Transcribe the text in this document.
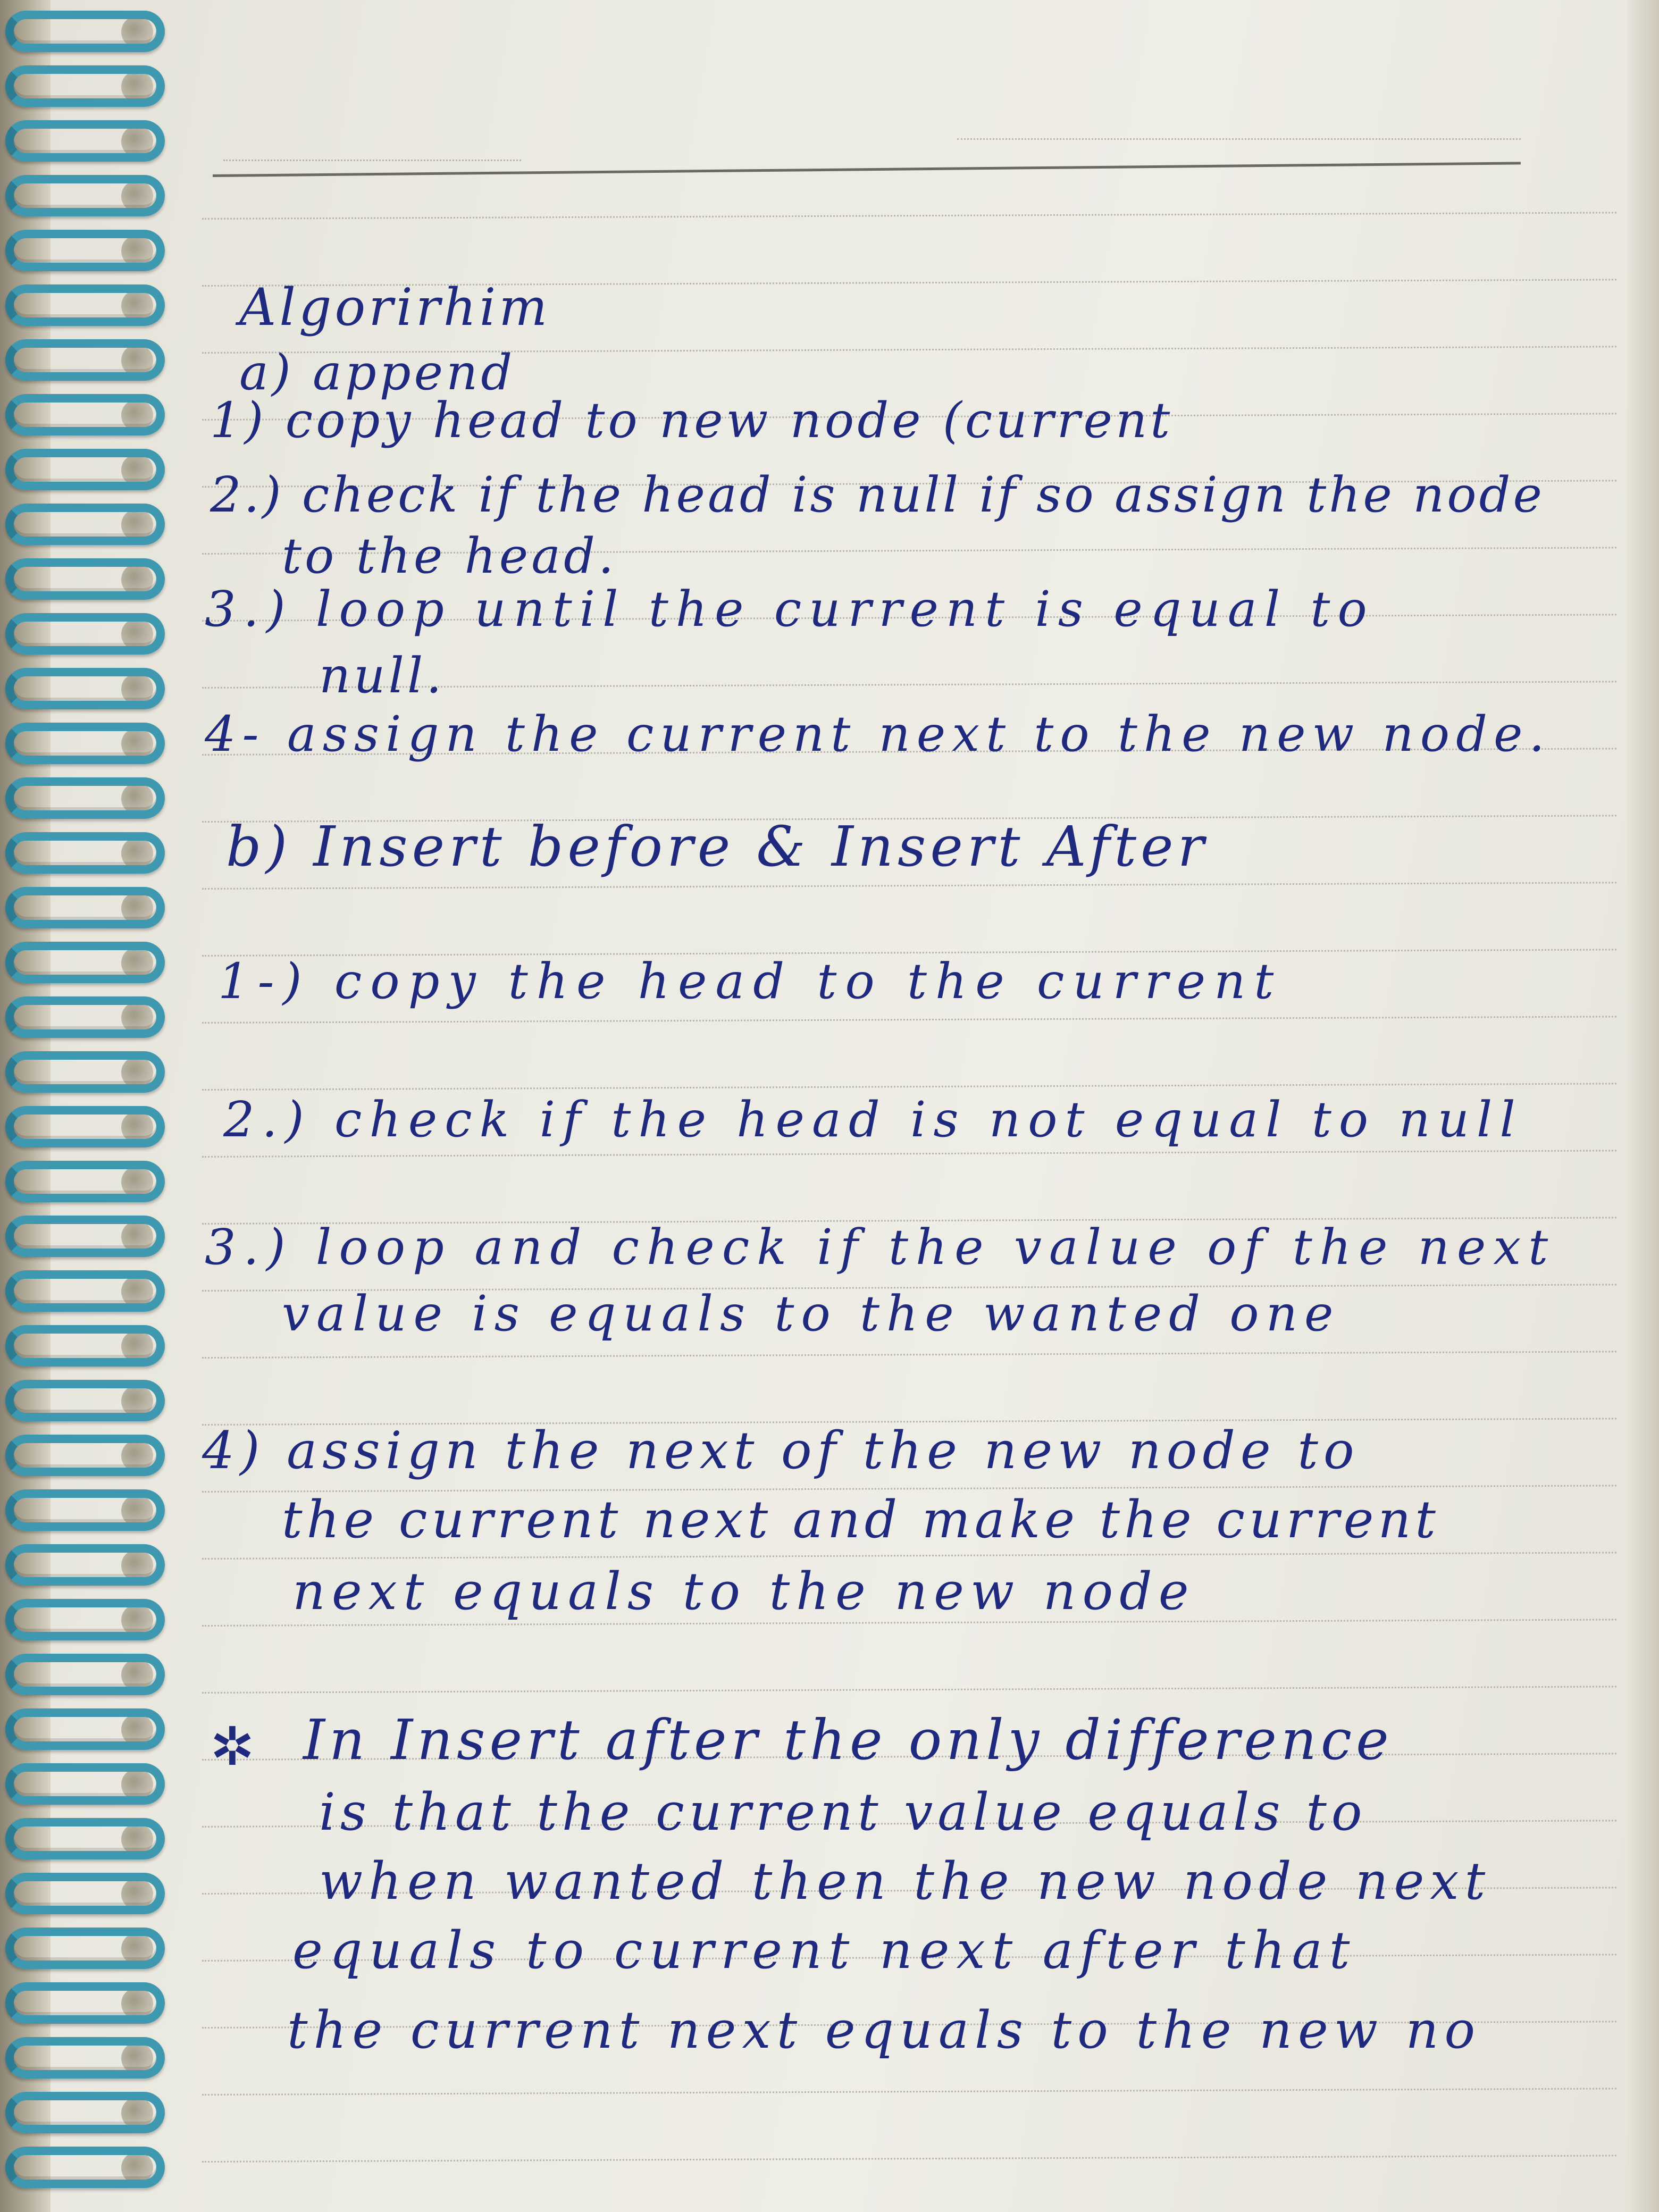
Algorirhim

a) append

1) copy head to new node (current

2.) check if the head is null if so assign the node

to the head.

3.) loop until the current is equal to

null.

4- assign the current next to the new node.

b) Insert before & Insert After

1-) copy the head to the current

2.) check if the head is not equal to null

3.) loop and check if the value of the next

value is equals to the wanted one

4) assign the next of the new node to

the current next and make the current

next equals to the new node

✲ In Insert after the only difference

is that the current value equals to

when wanted then the new node next

equals to current next after that

the current next equals to the new no
